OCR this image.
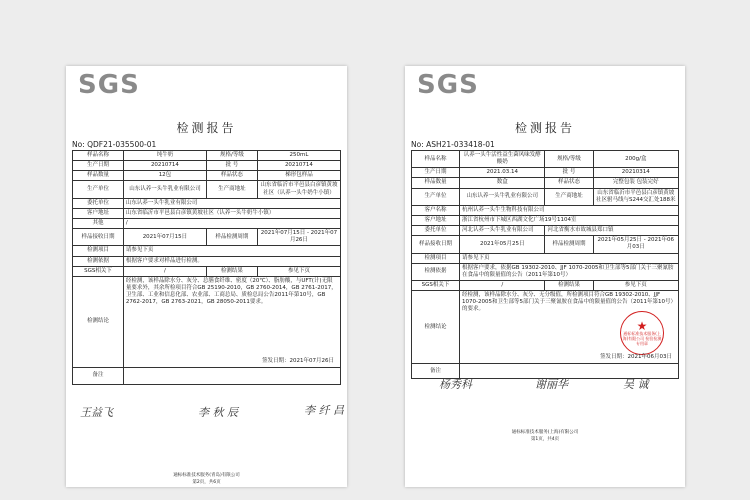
SGS
检测报告
No: QDF21-035500-01
样品名称	纯牛奶	规格/等级	250mL
生产日期	20210714	批 号	20210714
样品数量	12包	样品状态	梯形包样品
生产单位	山东认养一头牛乳业有限公司	生产商地址	山东省临沂市平邑县白彦镇黄坡社区（认养一头牛奶牛小镇）
委托单位	山东认养一头牛乳业有限公司		
客户地址	山东省临沂市平邑县白彦镇黄坡社区（认养一头牛奶牛小镇）		
其他	/		
样品接收日期	2021年07月15日	样品检测周期	2021年07月15日 - 2021年07月26日
检测项目	请参见下页		
检测依据	根据客户要求对样品进行检测。		
SGS相关下	/	检测结果	参见下页
检测结论	经检测，该样品除水分、灰分、总膳食纤维、密度（20℃）、脂肪酸，与UFT(计)无限量要求外，其余所检项目符合GB 25190-2010，GB 2760-2014，GB 2761-2017，卫生部、工业和信息化部、农业部、工商总局、质检总局公告2011年第10号，GB 2762-2017，GB 2763-2021，GB 28050-2011要求。
签发日期：2021年07月26日		

备注			
王益飞	李 秋 辰	李 纤 昌
通标标准技术服务(青岛)有限公司
第2页，共6页
SGS
检测报告
No: ASH21-033418-01
样品名称	认养一头牛活性益生菌风味发酵酸奶	规格/等级	200g/盒
生产日期	2021.03.14	批 号	20210314
样品数量	数盒	样品状态	完整包装 包装完好
生产单位	山东认养一头牛乳业有限公司	生产商地址	山东省临沂市平邑县白彦镇黄坡社区驸马线与S244交汇处188米
客户名称	杭州认养一头牛生物科技有限公司		
客户地址	浙江省杭州市下城区西湖文化广场19号1104室		
委托单位	河北认养一头牛乳业有限公司	河北省衡水市故城县郑口镇	
样品接收日期	2021年05月25日	样品检测周期	2021年05月25日 - 2021年06月03日
检测项目	请参见下页		
检测依据	根据客户要求，依据GB 19302-2010、JJF 1070-2005和卫生部等5部门关于三聚氰胺在食品中的限量值的公告（2011年第10号）		
SGS相关下	/	检测结果	参见下页
检测结论	经检测，该样品除水分、灰分、无分级值，所检测项目符合GB 19302-2010、JJF 1070-2005和卫生部等5部门关于三聚氰胺在食品中的限量值的公告（2011年第10号）的要求。
★
通标标准技术服务(上海)有限公司 检验检测专用章
签发日期：2021年06月03日		

备注			
杨秀科	谢丽华	吴 诚
通标标准技术服务(上海)有限公司
第1页，共4页
